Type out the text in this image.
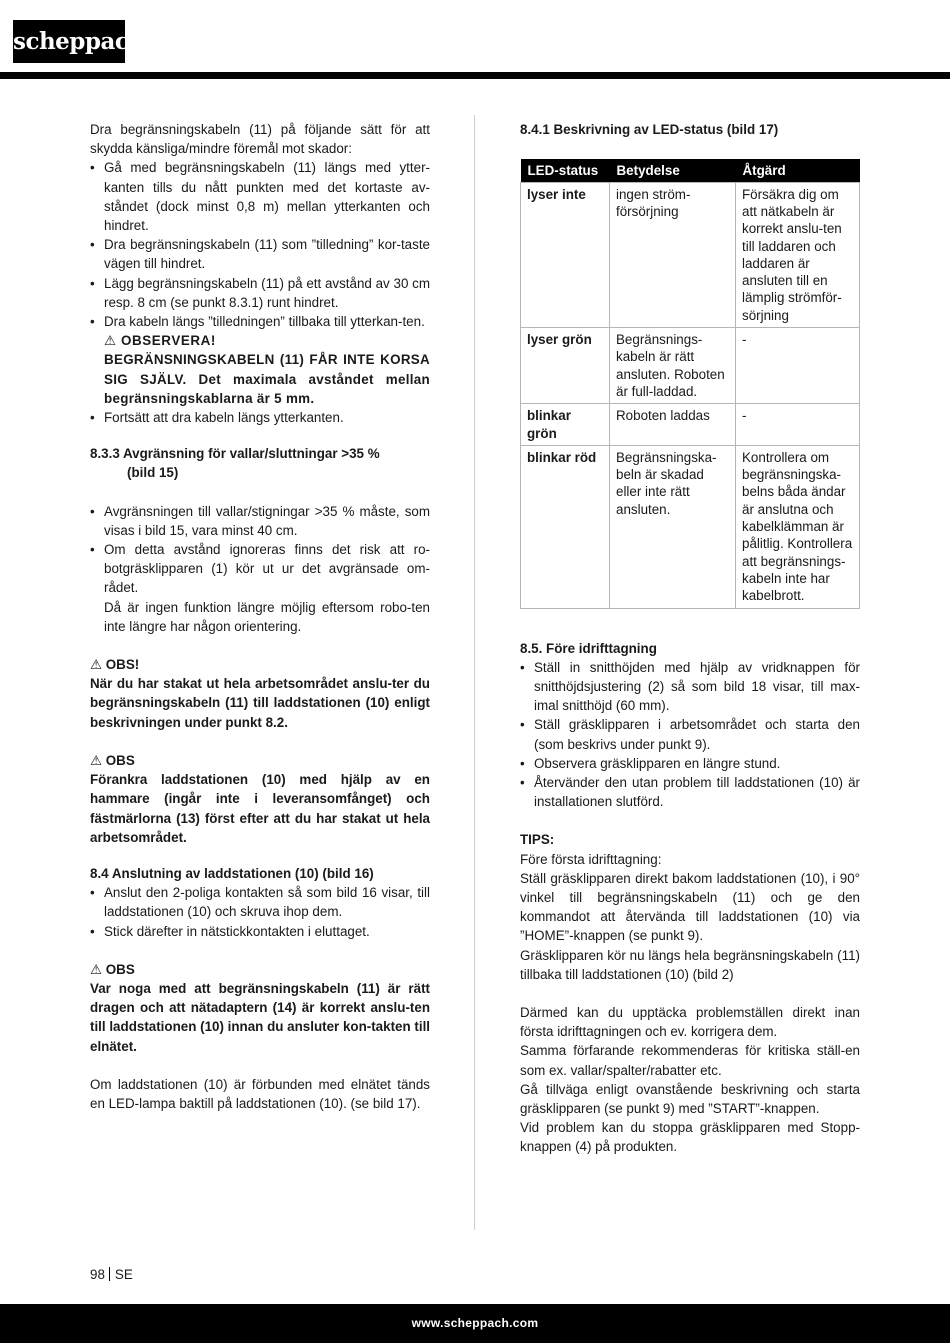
scheppach

Dra begränsningskabeln (11) på följande sätt för att skydda känsliga/mindre föremål mot skador:

• Gå med begränsningskabeln (11) längs med ytter-kanten tills du nått punkten med det kortaste av-ståndet (dock minst 0,8 m) mellan ytterkanten och hindret.
• Dra begränsningskabeln (11) som ”tilledning” kor-taste vägen till hindret.
• Lägg begränsningskabeln (11) på ett avstånd av 30 cm resp. 8 cm (se punkt 8.3.1) runt hindret.
• Dra kabeln längs ”tilledningen” tillbaka till ytterkan-ten.

⚠ OBSERVERA!

BEGRÄNSNINGSKABELN (11) FÅR INTE KORSA SIG SJÄLV. Det maximala avståndet mellan begränsningskablarna är 5 mm.

• Fortsätt att dra kabeln längs ytterkanten.

8.3.3 Avgränsning för vallar/sluttningar >35 %

(bild 15)

• Avgränsningen till vallar/stigningar >35 % måste, som visas i bild 15, vara minst 40 cm.
• Om detta avstånd ignoreras finns det risk att ro-botgräsklipparen (1) kör ut ur det avgränsade om-rådet.

Då är ingen funktion längre möjlig eftersom robo-ten inte längre har någon orientering.

⚠ OBS!

När du har stakat ut hela arbetsområdet anslu-ter du begränsningskabeln (11) till laddstationen (10) enligt beskrivningen under punkt 8.2.

⚠ OBS

Förankra laddstationen (10) med hjälp av en hammare (ingår inte i leveransomfånget) och fästmärlorna (13) först efter att du har stakat ut hela arbetsområdet.

8.4 Anslutning av laddstationen (10) (bild 16)

• Anslut den 2-poliga kontakten så som bild 16 visar, till laddstationen (10) och skruva ihop dem.
• Stick därefter in nätstickkontakten i eluttaget.

⚠ OBS

Var noga med att begränsningskabeln (11) är rätt dragen och att nätadaptern (14) är korrekt anslu-ten till laddstationen (10) innan du ansluter kon-takten till elnätet.

Om laddstationen (10) är förbunden med elnätet tänds en LED-lampa baktill på laddstationen (10). (se bild 17).

8.4.1 Beskrivning av LED-status (bild 17)

LED-status	Betydelse	Åtgärd
lyser inte	ingen ström-försörjning	Försäkra dig om att nätkabeln är korrekt anslu-ten till laddaren och laddaren är ansluten till en lämplig strömför-sörjning
lyser grön	Begränsnings-kabeln är rätt ansluten. Roboten är full-laddad.	-
blinkar grön	Roboten laddas	-
blinkar röd	Begränsningska-beln är skadad eller inte rätt ansluten.	Kontrollera om begränsningska-belns båda ändar är anslutna och kabelklämman är pålitlig. Kontrollera att begränsnings-kabeln inte har kabelbrott.

8.5. Före idrifttagning

• Ställ in snitthöjden med hjälp av vridknappen för snitthöjdsjustering (2) så som bild 18 visar, till max-imal snitthöjd (60 mm).
• Ställ gräsklipparen i arbetsområdet och starta den (som beskrivs under punkt 9).
• Observera gräsklipparen en längre stund.
• Återvänder den utan problem till laddstationen (10) är installationen slutförd.

TIPS:

Före första idrifttagning:

Ställ gräsklipparen direkt bakom laddstationen (10), i 90° vinkel till begränsningskabeln (11) och ge den kommandot att återvända till laddstationen (10) via ”HOME”-knappen (se punkt 9).

Gräsklipparen kör nu längs hela begränsningskabeln (11) tillbaka till laddstationen (10) (bild 2)

Därmed kan du upptäcka problemställen direkt inan första idrifttagningen och ev. korrigera dem.

Samma förfarande rekommenderas för kritiska ställ-en som ex. vallar/spalter/rabatter etc.

Gå tillväga enligt ovanstående beskrivning och starta gräsklipparen (se punkt 9) med ”START”-knappen.

Vid problem kan du stoppa gräsklipparen med Stopp-knappen (4) på produkten.

98 SE
www.scheppach.com
